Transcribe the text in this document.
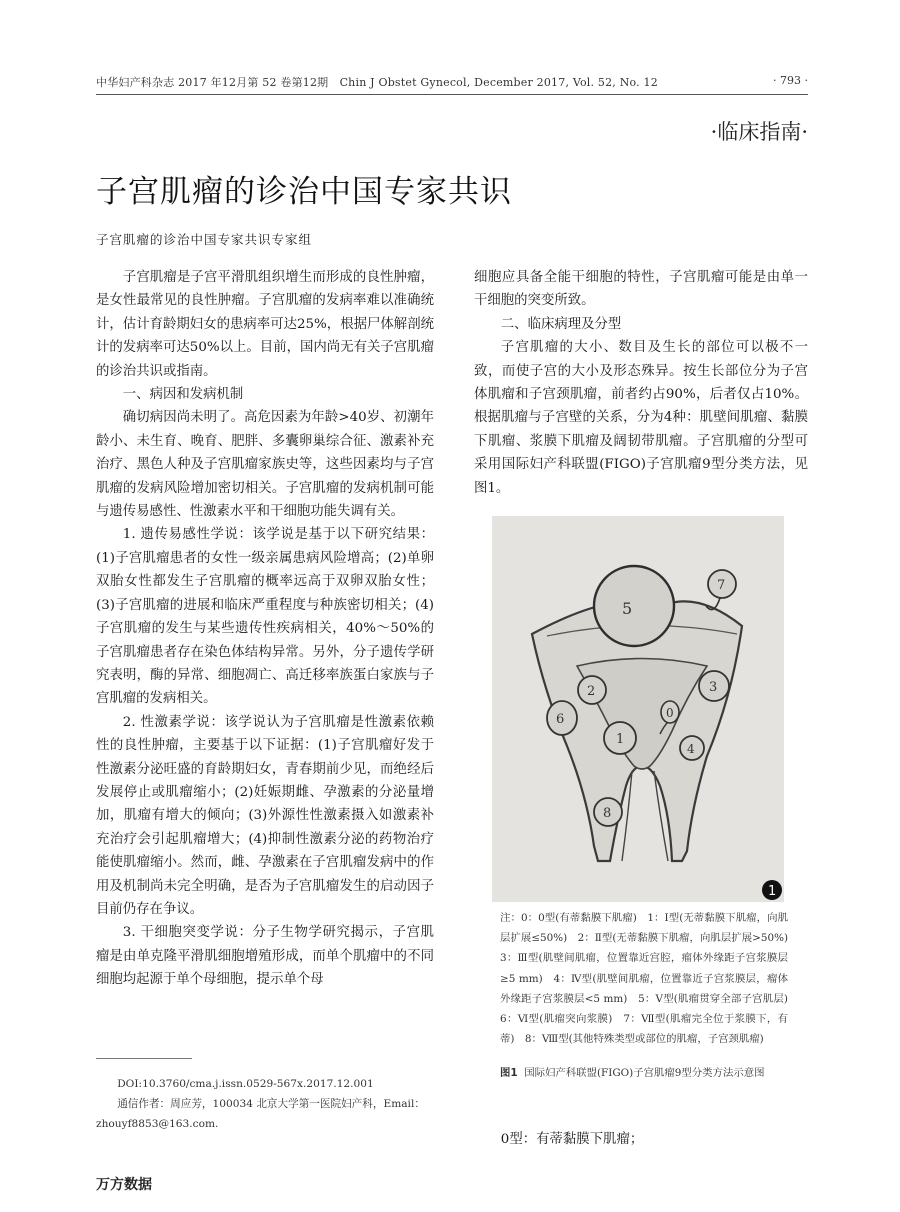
中华妇产科杂志 2017 年12月第 52 卷第12期　Chin J Obstet Gynecol, December 2017, Vol. 52, No. 12	· 793 ·
·临床指南·
子宫肌瘤的诊治中国专家共识
子宫肌瘤的诊治中国专家共识专家组

子宫肌瘤是子宫平滑肌组织增生而形成的良性肿瘤，是女性最常见的良性肿瘤。子宫肌瘤的发病率难以准确统计，估计育龄期妇女的患病率可达25%，根据尸体解剖统计的发病率可达50%以上。目前，国内尚无有关子宫肌瘤的诊治共识或指南。

一、病因和发病机制

确切病因尚未明了。高危因素为年龄>40岁、初潮年龄小、未生育、晚育、肥胖、多囊卵巢综合征、激素补充治疗、黑色人种及子宫肌瘤家族史等，这些因素均与子宫肌瘤的发病风险增加密切相关。子宫肌瘤的发病机制可能与遗传易感性、性激素水平和干细胞功能失调有关。

1. 遗传易感性学说：该学说是基于以下研究结果：(1)子宫肌瘤患者的女性一级亲属患病风险增高；(2)单卵双胎女性都发生子宫肌瘤的概率远高于双卵双胎女性；(3)子宫肌瘤的进展和临床严重程度与种族密切相关；(4)子宫肌瘤的发生与某些遗传性疾病相关，40%～50%的子宫肌瘤患者存在染色体结构异常。另外，分子遗传学研究表明，酶的异常、细胞凋亡、高迁移率族蛋白家族与子宫肌瘤的发病相关。

2. 性激素学说：该学说认为子宫肌瘤是性激素依赖性的良性肿瘤，主要基于以下证据：(1)子宫肌瘤好发于性激素分泌旺盛的育龄期妇女，青春期前少见，而绝经后发展停止或肌瘤缩小；(2)妊娠期雌、孕激素的分泌量增加，肌瘤有增大的倾向；(3)外源性性激素摄入如激素补充治疗会引起肌瘤增大；(4)抑制性激素分泌的药物治疗能使肌瘤缩小。然而，雌、孕激素在子宫肌瘤发病中的作用及机制尚未完全明确，是否为子宫肌瘤发生的启动因子目前仍存在争议。

3. 干细胞突变学说：分子生物学研究揭示，子宫肌瘤是由单克隆平滑肌细胞增殖形成，而单个肌瘤中的不同细胞均起源于单个母细胞，提示单个母

细胞应具备全能干细胞的特性，子宫肌瘤可能是由单一干细胞的突变所致。

二、临床病理及分型

子宫肌瘤的大小、数目及生长的部位可以极不一致，而使子宫的大小及形态殊异。按生长部位分为子宫体肌瘤和子宫颈肌瘤，前者约占90%，后者仅占10%。根据肌瘤与子宫壁的关系，分为4种：肌壁间肌瘤、黏膜下肌瘤、浆膜下肌瘤及阔韧带肌瘤。子宫肌瘤的分型可采用国际妇产科联盟(FIGO)子宫肌瘤9型分类方法，见图1。

5
7
2
6
1
0
3
4
8
1
注：0：0型(有蒂黏膜下肌瘤)　1：Ⅰ型(无蒂黏膜下肌瘤，向肌层扩展≤50%)　2：Ⅱ型(无蒂黏膜下肌瘤，向肌层扩展>50%)　3：Ⅲ型(肌壁间肌瘤，位置靠近宫腔，瘤体外缘距子宫浆膜层≥5 mm)　4：Ⅳ型(肌壁间肌瘤，位置靠近子宫浆膜层，瘤体外缘距子宫浆膜层<5 mm)　5：Ⅴ型(肌瘤贯穿全部子宫肌层)　6：Ⅵ型(肌瘤突向浆膜)　7：Ⅶ型(肌瘤完全位于浆膜下，有蒂)　8：Ⅷ型(其他特殊类型或部位的肌瘤，子宫颈肌瘤)
图1 国际妇产科联盟(FIGO)子宫肌瘤9型分类方法示意图

0型：有蒂黏膜下肌瘤；

DOI:10.3760/cma.j.issn.0529-567x.2017.12.001

通信作者：周应芳，100034 北京大学第一医院妇产科，Email：

zhouyf8853@163.com.

万方数据
